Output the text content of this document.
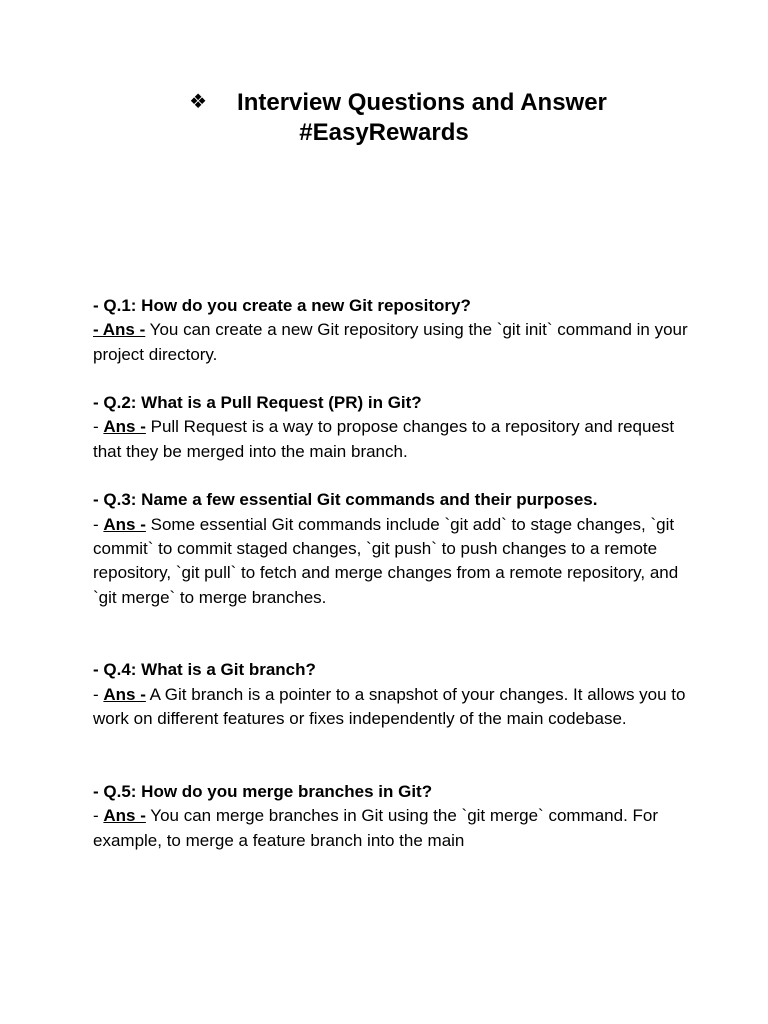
❖ Interview Questions and Answer
#EasyRewards
- Q.1: How do you create a new Git repository?
- Ans - You can create a new Git repository using the `git init` command in your project directory.
- Q.2: What is a Pull Request (PR) in Git?
- Ans - Pull Request is a way to propose changes to a repository and request that they be merged into the main branch.
- Q.3: Name a few essential Git commands and their purposes.
- Ans - Some essential Git commands include `git add` to stage changes, `git commit` to commit staged changes, `git push` to push changes to a remote repository, `git pull` to fetch and merge changes from a remote repository, and `git merge` to merge branches.
- Q.4: What is a Git branch?
- Ans - A Git branch is a pointer to a snapshot of your changes. It allows you to work on different features or fixes independently of the main codebase.
- Q.5: How do you merge branches in Git?
- Ans - You can merge branches in Git using the `git merge` command. For example, to merge a feature branch into the main
